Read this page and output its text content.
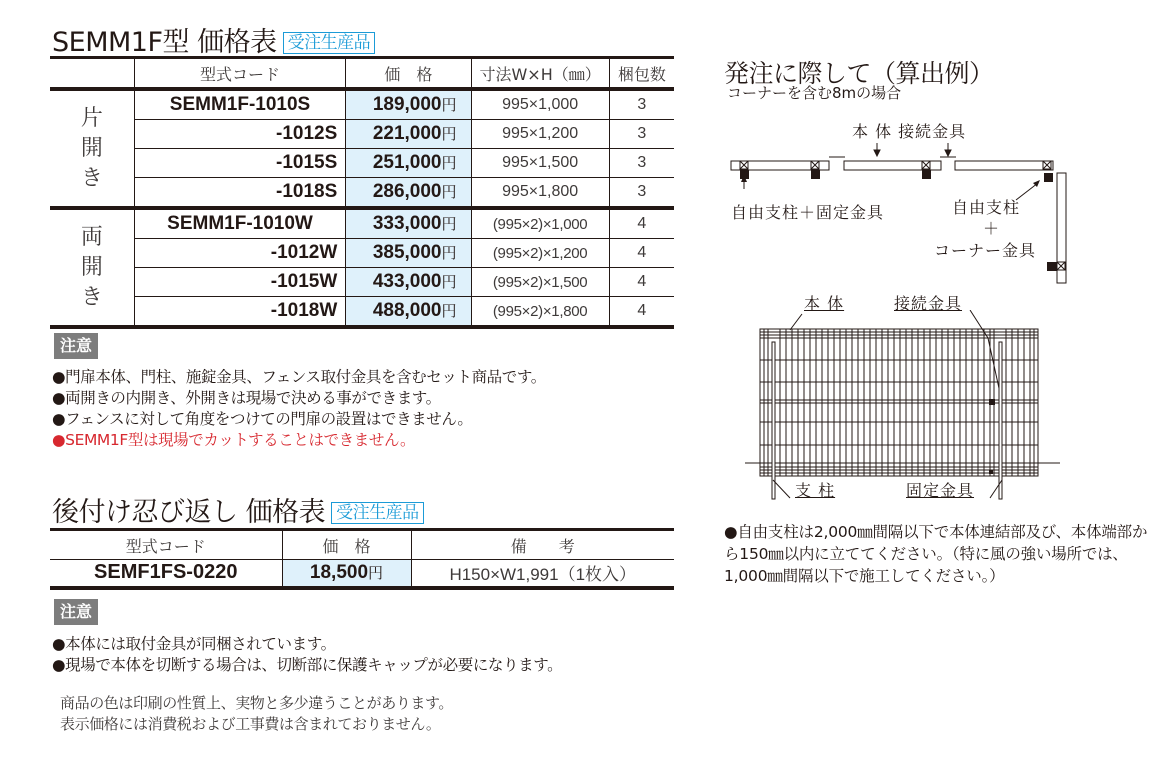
SEMM1F型 価格表 受注生産品
	型式コード	価　格	寸法W×H（㎜）	梱包数

片
開
き	SEMM1F-1010S	189,000円	995×1,000	3
	-1012S	221,000円	995×1,200	3
	-1015S	251,000円	995×1,500	3
	-1018S	286,000円	995×1,800	3

両
開
き	SEMM1F-1010W	333,000円	(995×2)×1,000	4
	-1012W	385,000円	(995×2)×1,200	4
	-1015W	433,000円	(995×2)×1,500	4
	-1018W	488,000円	(995×2)×1,800	4
注意
●門扉本体、門柱、施錠金具、フェンス取付金具を含むセット商品です。
●両開きの内開き、外開きは現場で決める事ができます。
●フェンスに対して角度をつけての門扉の設置はできません。
●SEMM1F型は現場でカットすることはできません。
後付け忍び返し 価格表 受注生産品
型式コード	価　格	備　　考
SEMF1FS-0220	18,500円	H150×W1,991（1枚入）
注意
●本体には取付金具が同梱されています。
●現場で本体を切断する場合は、切断部に保護キャップが必要になります。
商品の色は印刷の性質上、実物と多少違うことがあります。
表示価格には消費税および工事費は含まれておりません。
発注に際して（算出例）
コーナーを含む8mの場合
本 体 接続金具
自由支柱＋固定金具	自由支柱
＋
コーナー金具
本 体	接続金具
支 柱	固定金具
●自由支柱は2,000㎜間隔以下で本体連結部及び、本体端部から150㎜以内に立ててください。（特に風の強い場所では、1,000㎜間隔以下で施工してください。）
